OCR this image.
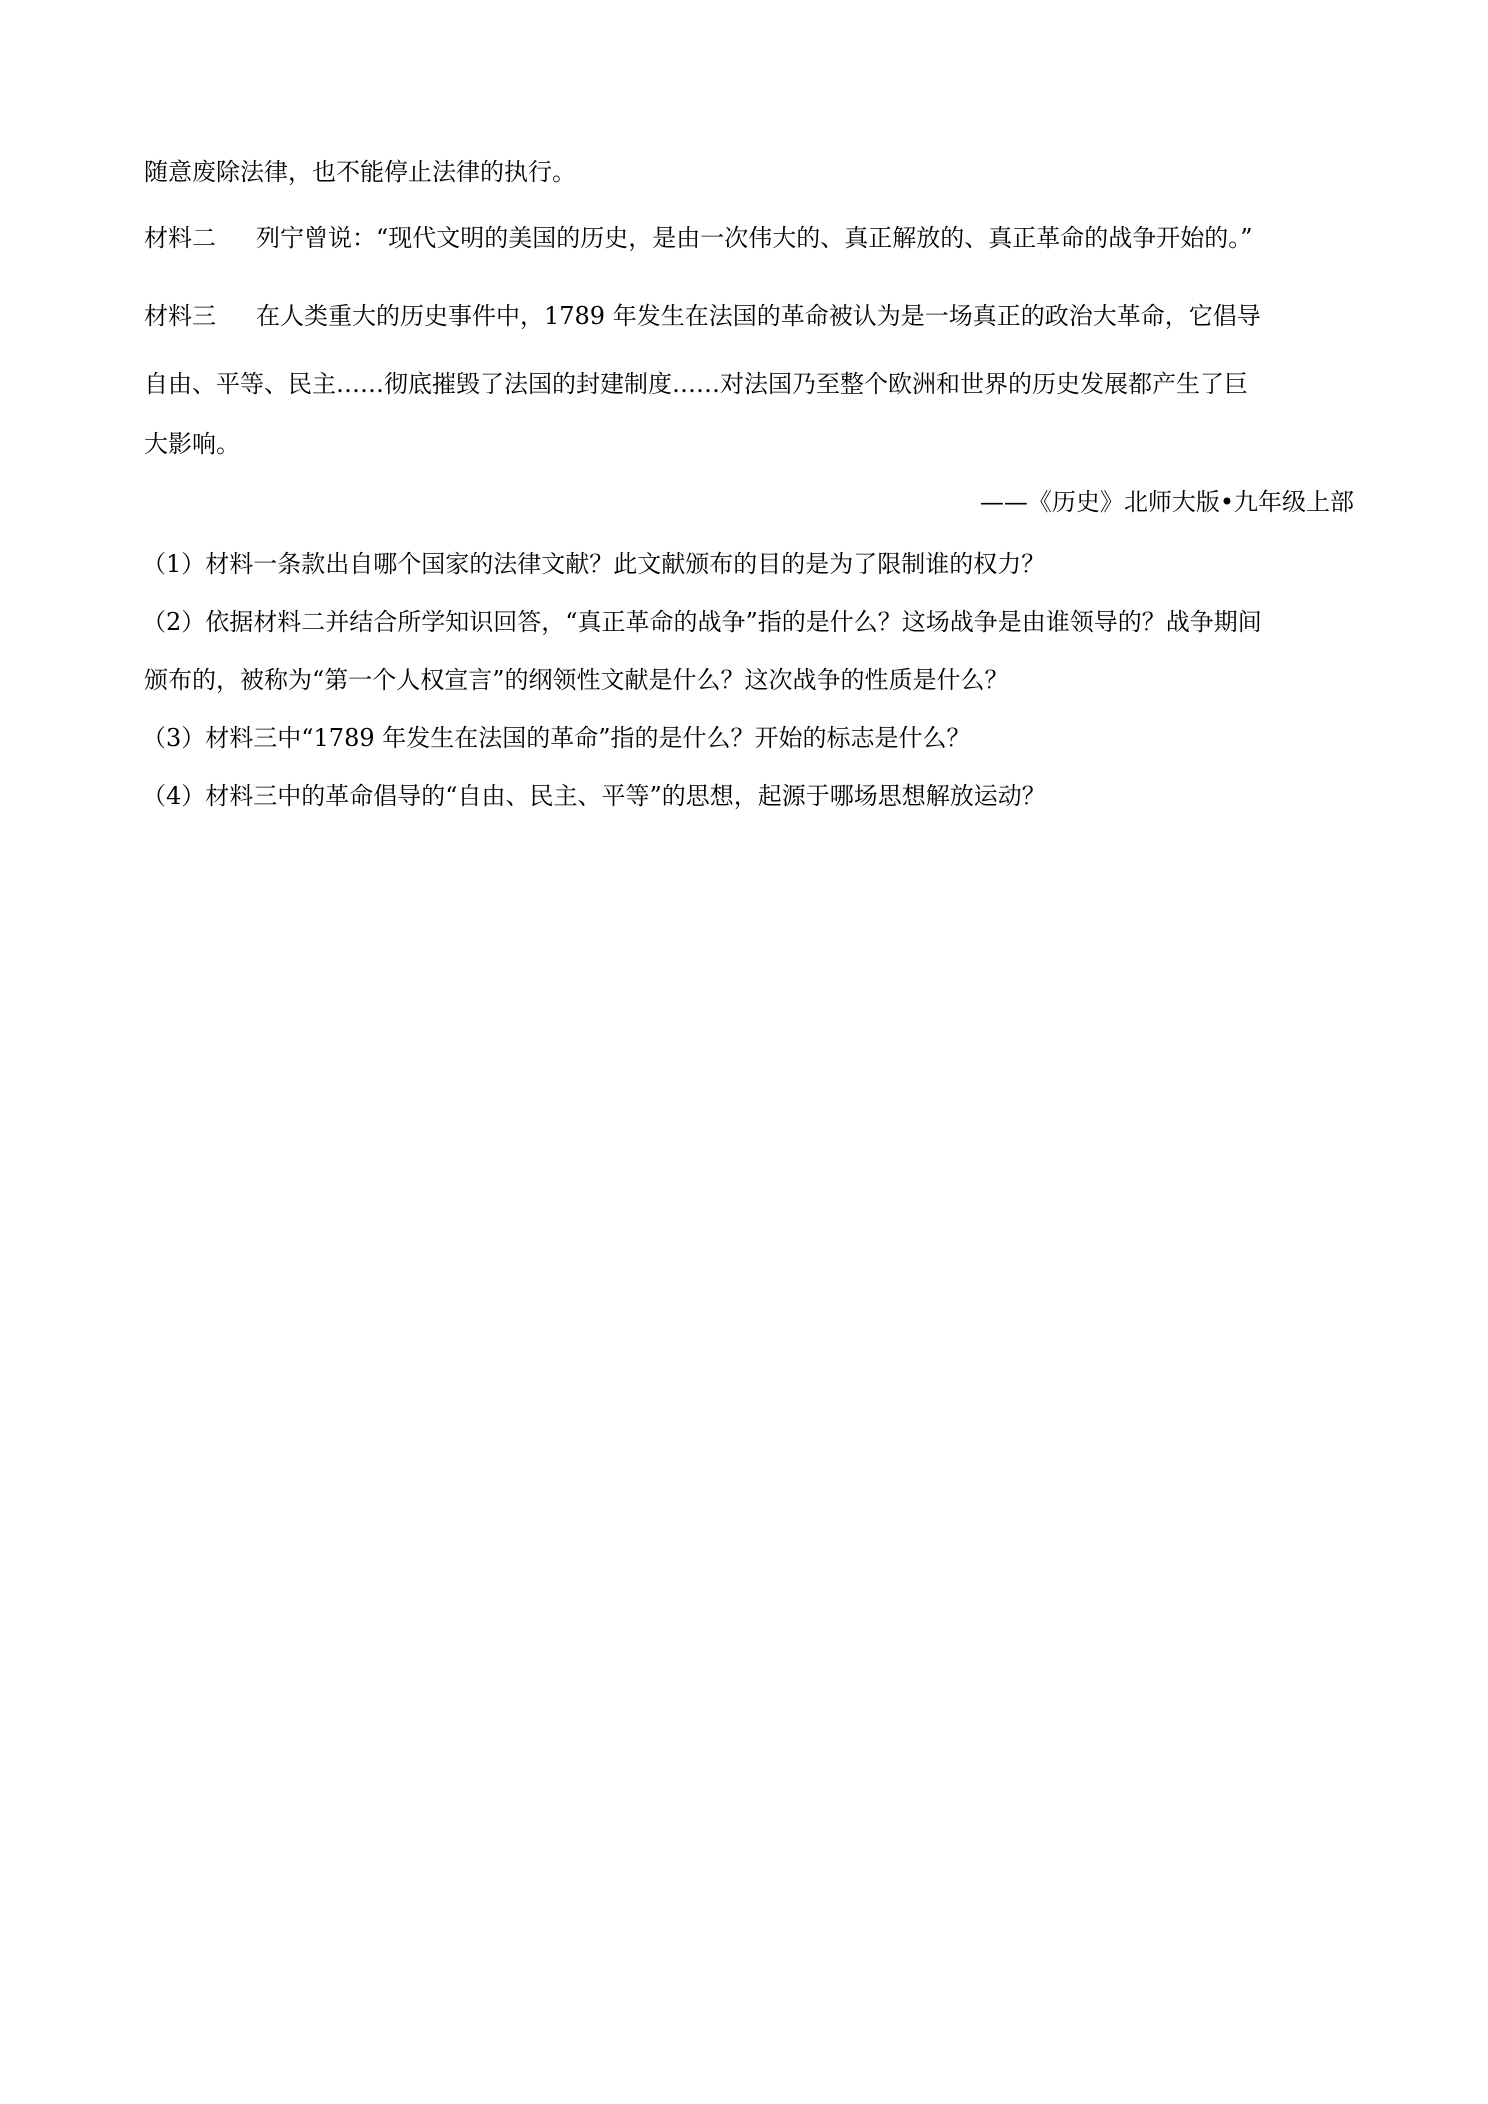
随意废除法律，也不能停止法律的执行。
材料二 列宁曾说：“现代文明的美国的历史，是由一次伟大的、真正解放的、真正革命的战争开始的。”
材料三 在人类重大的历史事件中，1789 年发生在法国的革命被认为是一场真正的政治大革命，它倡导
自由、平等、民主……彻底摧毁了法国的封建制度……对法国乃至整个欧洲和世界的历史发展都产生了巨
大影响。
——《历史》北师大版•九年级上部
（1）材料一条款出自哪个国家的法律文献？此文献颁布的目的是为了限制谁的权力？
（2）依据材料二并结合所学知识回答，“真正革命的战争”指的是什么？这场战争是由谁领导的？战争期间
颁布的，被称为“第一个人权宣言”的纲领性文献是什么？这次战争的性质是什么？
（3）材料三中“1789 年发生在法国的革命”指的是什么？开始的标志是什么？
（4）材料三中的革命倡导的“自由、民主、平等”的思想，起源于哪场思想解放运动？
